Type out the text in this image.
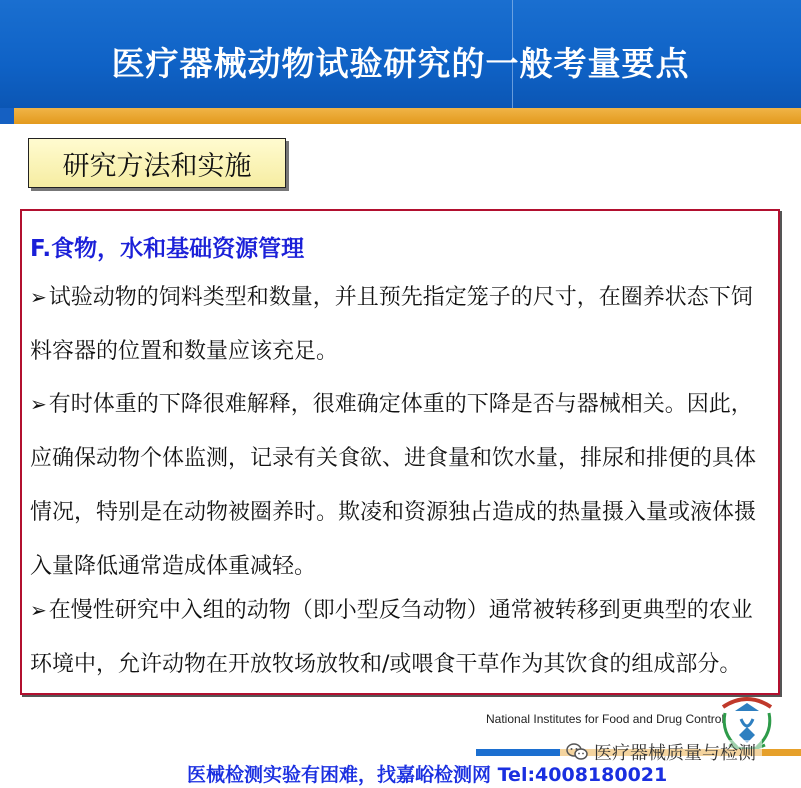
医疗器械动物试验研究的一般考量要点
研究方法和实施
F.食物，水和基础资源管理

➢试验动物的饲料类型和数量，并且预先指定笼子的尺寸，在圈养状态下饲料容器的位置和数量应该充足。

➢有时体重的下降很难解释，很难确定体重的下降是否与器械相关。因此，应确保动物个体监测，记录有关食欲、进食量和饮水量，排尿和排便的具体情况，特别是在动物被圈养时。欺凌和资源独占造成的热量摄入量或液体摄入量降低通常造成体重减轻。

➢在慢性研究中入组的动物（即小型反刍动物）通常被转移到更典型的农业环境中，允许动物在开放牧场放牧和/或喂食干草作为其饮食的组成部分。

National Institutes for Food and Drug Control
医疗器械质量与检测
医械检测实验有困难，找嘉峪检测网 Tel:4008180021
